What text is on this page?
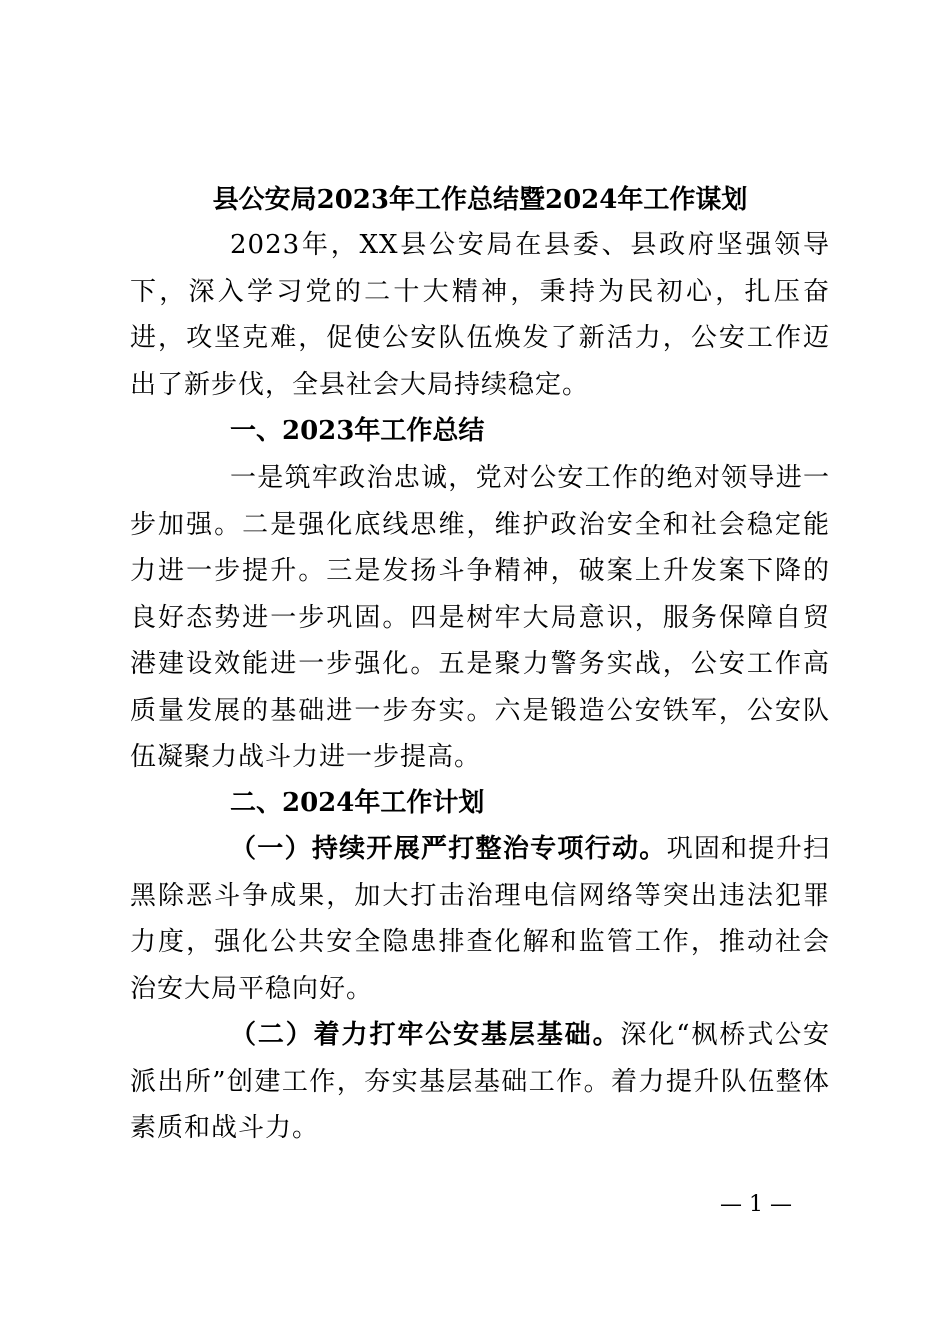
县公安局2023年工作总结暨2024年工作谋划

2023年，XX县公安局在县委、县政府坚强领导下，深入学习党的二十大精神，秉持为民初心，扎压奋进，攻坚克难，促使公安队伍焕发了新活力，公安工作迈出了新步伐，全县社会大局持续稳定。

一、2023年工作总结

一是筑牢政治忠诚，党对公安工作的绝对领导进一步加强。二是强化底线思维，维护政治安全和社会稳定能力进一步提升。三是发扬斗争精神，破案上升发案下降的良好态势进一步巩固。四是树牢大局意识，服务保障自贸港建设效能进一步强化。五是聚力警务实战，公安工作高质量发展的基础进一步夯实。六是锻造公安铁军，公安队伍凝聚力战斗力进一步提高。

二、2024年工作计划

（一）持续开展严打整治专项行动。巩固和提升扫黑除恶斗争成果，加大打击治理电信网络等突出违法犯罪力度，强化公共安全隐患排查化解和监管工作，推动社会治安大局平稳向好。

（二）着力打牢公安基层基础。深化“枫桥式公安派出所”创建工作，夯实基层基础工作。着力提升队伍整体素质和战斗力。

— 1 —
